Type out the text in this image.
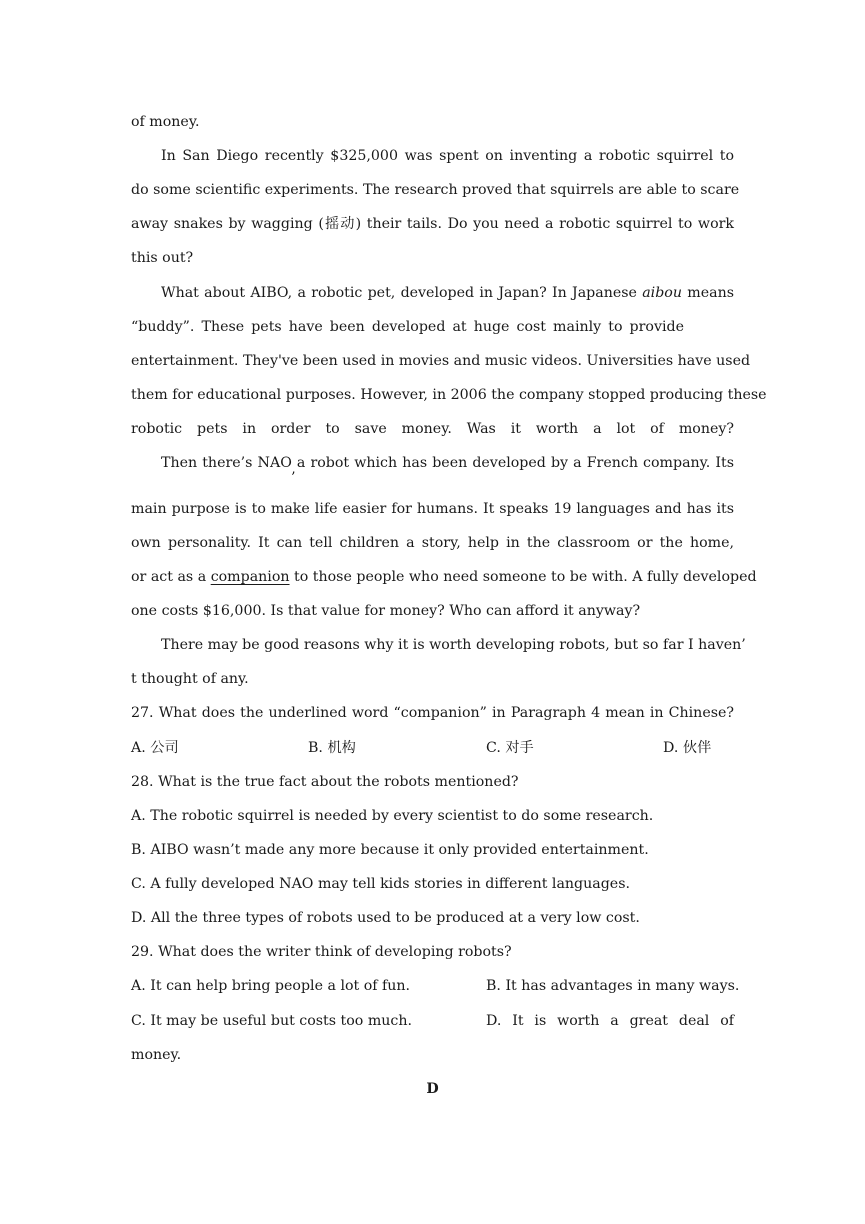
of money.
In San Diego recently $325,000 was spent on inventing a robotic squirrel to
do some scientific experiments. The research proved that squirrels are able to scare
away snakes by wagging (摇动) their tails. Do you need a robotic squirrel to work
this out?
What about AIBO, a robotic pet, developed in Japan? In Japanese aibou means
“buddy”. These pets have been developed at huge cost mainly to provide
entertainment. They've been used in movies and music videos. Universities have used
them for educational purposes. However, in 2006 the company stopped producing these
robotic pets in order to save money. Was it worth a lot of money?
Then there’s NAO a robot which has been developed by a French company. Its
’
main purpose is to make life easier for humans. It speaks 19 languages and has its
own personality. It can tell children a story, help in the classroom or the home,
or act as a companion to those people who need someone to be with. A fully developed
one costs $16,000. Is that value for money? Who can afford it anyway?
There may be good reasons why it is worth developing robots, but so far I haven’
t thought of any.
27. What does the underlined word “companion” in Paragraph 4 mean in Chinese?
A. 公司	B. 机构	C. 对手	D. 伙伴
28. What is the true fact about the robots mentioned?
A. The robotic squirrel is needed by every scientist to do some research.
B. AIBO wasn’t made any more because it only provided entertainment.
C. A fully developed NAO may tell kids stories in different languages.
D. All the three types of robots used to be produced at a very low cost.
29. What does the writer think of developing robots?
A. It can help bring people a lot of fun.	B. It has advantages in many ways.
C. It may be useful but costs too much.	D. It is worth a great deal of
money.
D
